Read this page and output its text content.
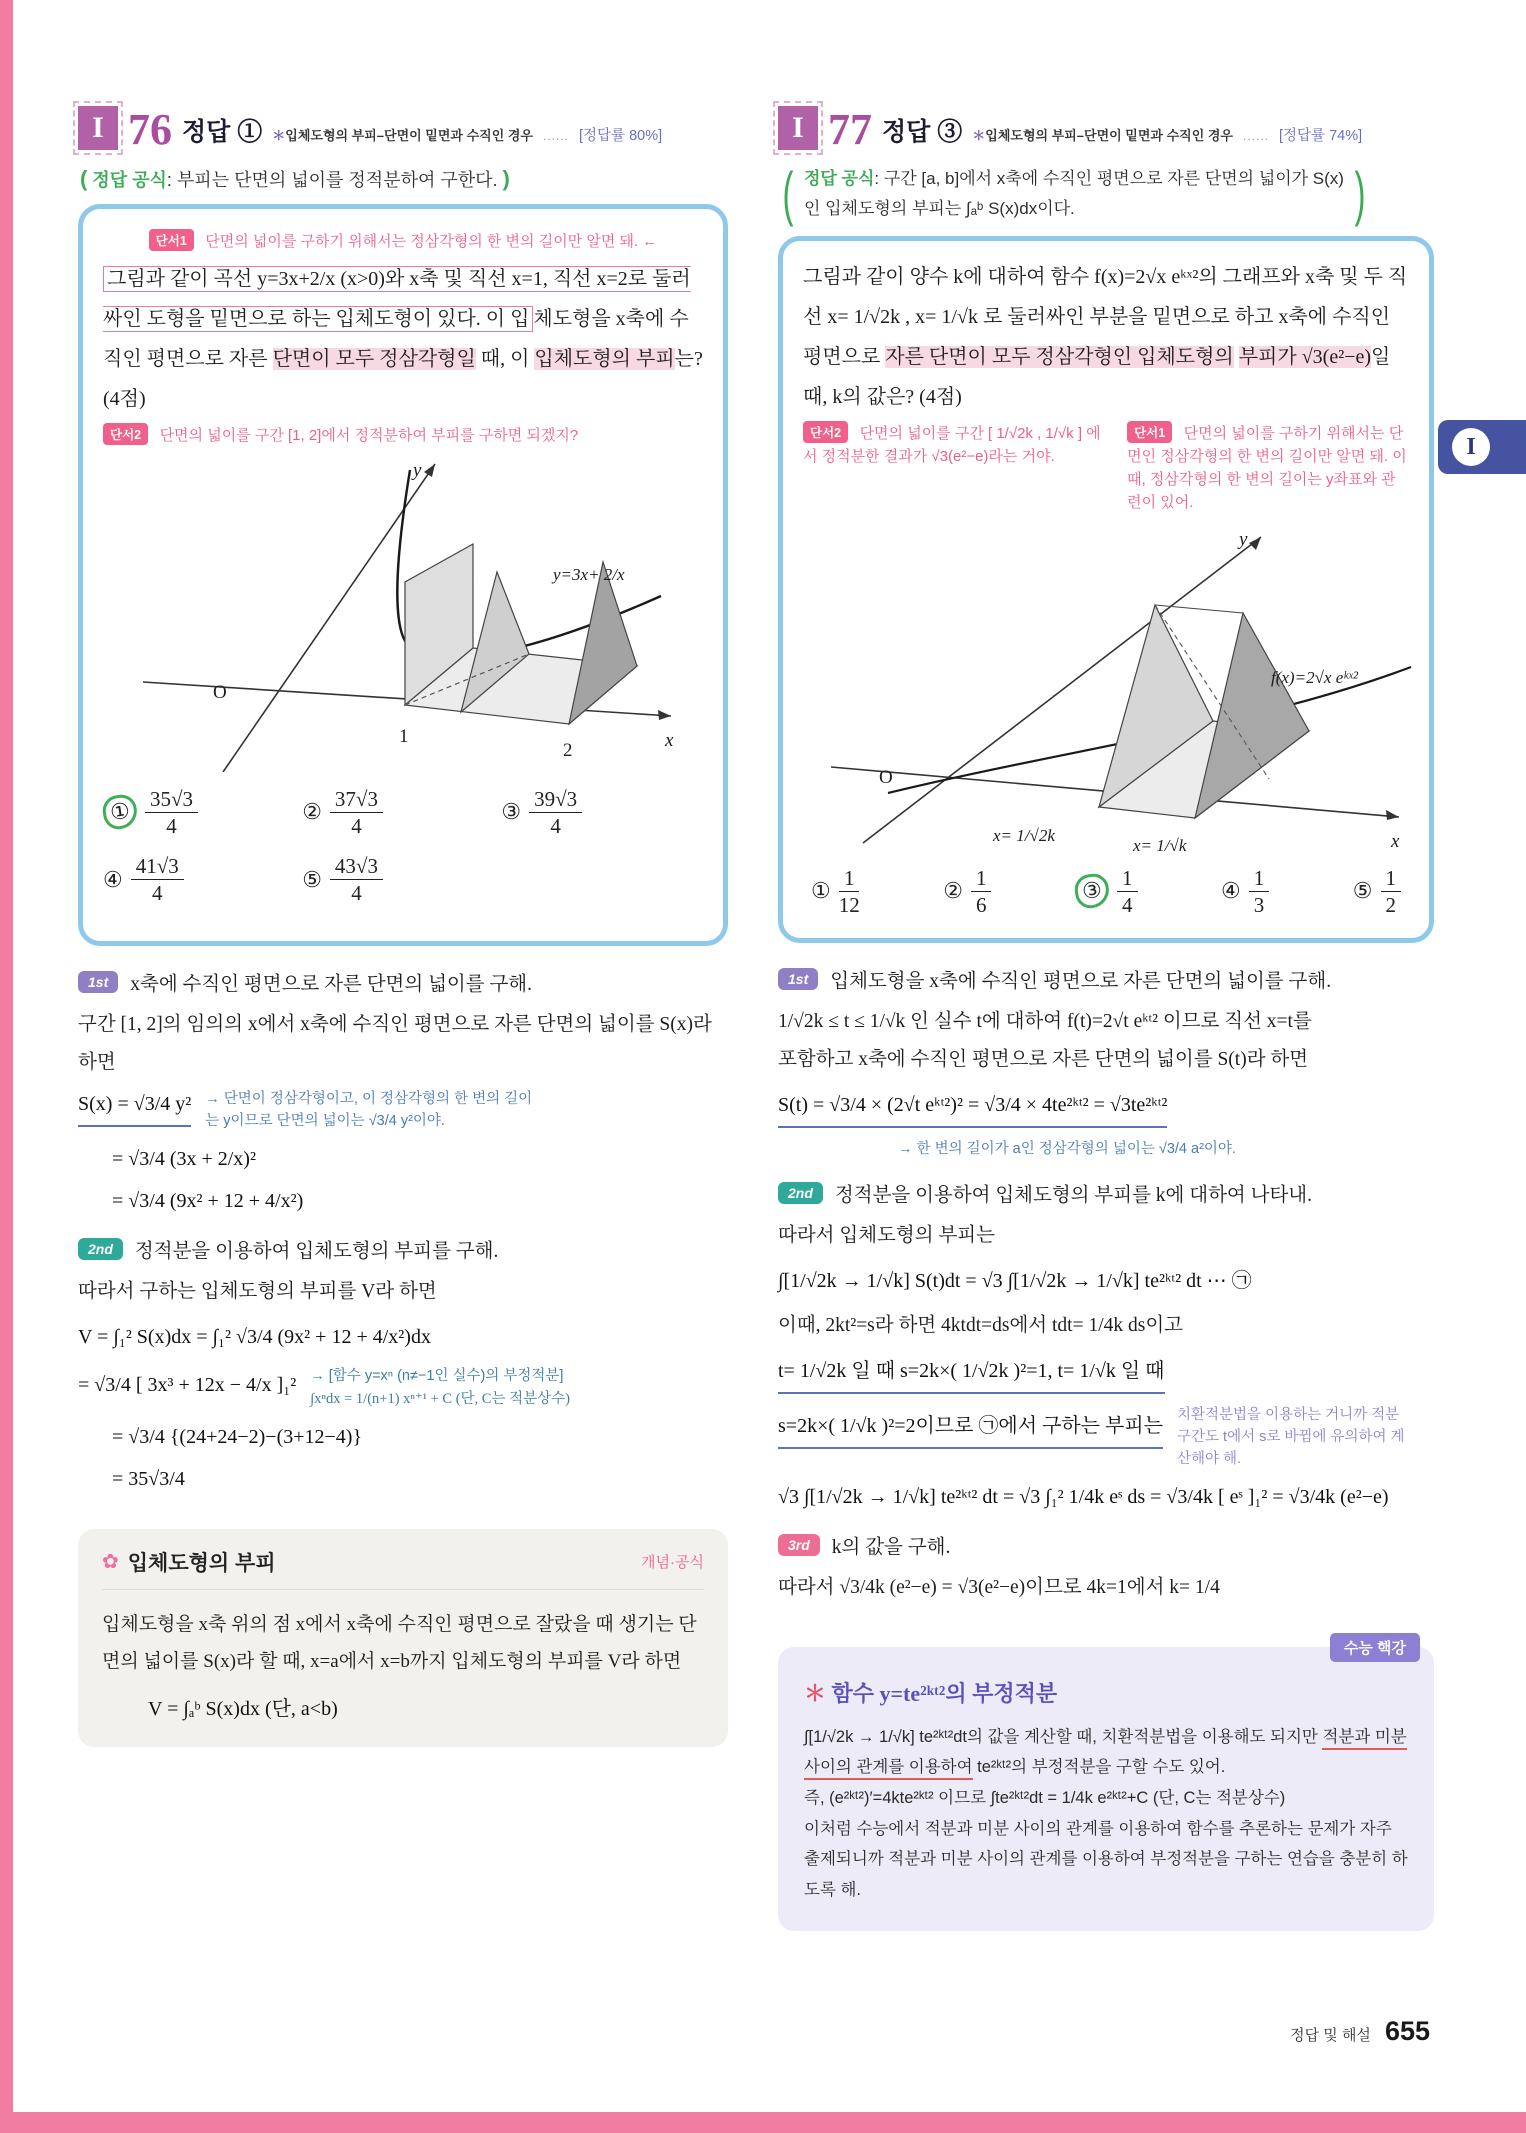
I 76 정답 ① ＊입체도형의 부피–단면이 밑면과 수직인 경우 ...... [정답률 80%]
( 정답 공식: 부피는 단면의 넓이를 정적분하여 구한다. )
단서1 단면의 넓이를 구하기 위해서는 정삼각형의 한 변의 길이만 알면 돼. ←
그림과 같이 곡선 y=3x+2/x (x>0)와 x축 및 직선 x=1, 직선 x=2로 둘러싸인 도형을 밑면으로 하는 입체도형이 있다. 이 입 체도형을 x축에 수직인 평면으로 자른 단면이 모두 정삼각형일 때, 이 입체도형의 부피는? (4점)
단서2 단면의 넓이를 구간 [1, 2]에서 정적분하여 부피를 구하면 되겠지?
O
1
2	x
y
y=3x+ 2/x
① $\frac{35√3}{4}$	② $\frac{37√3}{4}$	③ $\frac{39√3}{4}$
④ $\frac{41√3}{4}$	⑤ $\frac{43√3}{4}$
1st	x축에 수직인 평면으로 자른 단면의 넓이를 구해.
구간 [1, 2]의 임의의 x에서 x축에 수직인 평면으로 자른 단면의 넓이를 S(x)라 하면
S(x) = √3/4 y² → 단면이 정삼각형이고, 이 정삼각형의 한 변의 길이는 y이므로 단면의 넓이는 √3/4 y²이야.
= √3/4 (3x + 2/x)²
= √3/4 (9x² + 12 + 4/x²)
2nd	정적분을 이용하여 입체도형의 부피를 구해.
따라서 구하는 입체도형의 부피를 V라 하면
V = ∫₁² S(x)dx = ∫₁² √3/4 (9x² + 12 + 4/x²)dx
= √3/4 [ 3x³ + 12x − 4/x ]₁² → [함수 y=xⁿ (n≠−1인 실수)의 부정적분]
∫xⁿdx = 1/(n+1) xⁿ⁺¹ + C (단, C는 적분상수)
= √3/4 {(24+24−2)−(3+12−4)}
= 35√3/4
✿ 입체도형의 부피	개념·공식
입체도형을 x축 위의 점 x에서 x축에 수직인 평면으로 잘랐을 때 생기는 단면의 넓이를 S(x)라 할 때, x=a에서 x=b까지 입체도형의 부피를 V라 하면
V = ∫ₐᵇ S(x)dx (단, a<b)
I 77 정답 ③ ＊입체도형의 부피–단면이 밑면과 수직인 경우 ...... [정답률 74%]
( 정답 공식: 구간 [a, b]에서 x축에 수직인 평면으로 자른 단면의 넓이가 S(x)
인 입체도형의 부피는 ∫ₐᵇ S(x)dx이다.	)
그림과 같이 양수 k에 대하여 함수 f(x)=2√x eᵏˣ²의 그래프와 x축 및 두 직선 x= 1/√2k , x= 1/√k 로 둘러싸인 부분을 밑면으로 하고 x축에 수직인 평면으로 자른 단면이 모두 정삼각형인 입체도형의 부피가 √3(e²−e)일 때, k의 값은? (4점)
단서2 단면의 넓이를 구간 [ 1/√2k , 1/√k ] 에서 정적분한 결과가 √3(e²−e)라는 거야.
단서1 단면의 넓이를 구하기 위해서는 단면인 정삼각형의 한 변의 길이만 알면 돼. 이때, 정삼각형의 한 변의 길이는 y좌표와 관련이 있어.
O
x= 1/√2k
x= 1/√k	x
y
f(x)=2√x eᵏˣ²
① $\frac{1}{12}$	② $\frac{1}{6}$	③ $\frac{1}{4}$	④ $\frac{1}{3}$	⑤ $\frac{1}{2}$
1st	입체도형을 x축에 수직인 평면으로 자른 단면의 넓이를 구해.
1/√2k ≤ t ≤ 1/√k 인 실수 t에 대하여 f(t)=2√t eᵏᵗ² 이므로 직선 x=t를
포함하고 x축에 수직인 평면으로 자른 단면의 넓이를 S(t)라 하면
S(t) = √3/4 × (2√t eᵏᵗ²)² = √3/4 × 4te²ᵏᵗ² = √3te²ᵏᵗ²
→ 한 변의 길이가 a인 정삼각형의 넓이는 √3/4 a²이야.
2nd	정적분을 이용하여 입체도형의 부피를 k에 대하여 나타내.
따라서 입체도형의 부피는
∫[1/√2k → 1/√k] S(t)dt = √3 ∫[1/√2k → 1/√k] te²ᵏᵗ² dt ⋯ ㉠
이때, 2kt²=s라 하면 4ktdt=ds에서 tdt= 1/4k ds이고
t= 1/√2k 일 때 s=2k×( 1/√2k )²=1, t= 1/√k 일 때
s=2k×( 1/√k )²=2이므로 ㉠에서 구하는 부피는 치환적분법을 이용하는 거니까 적분구간도 t에서 s로 바뀜에 유의하여 계산해야 해.
√3 ∫[1/√2k → 1/√k] te²ᵏᵗ² dt = √3 ∫₁² 1/4k eˢ ds = √3/4k [ eˢ ]₁² = √3/4k (e²−e)
3rd	k의 값을 구해.
따라서 √3/4k (e²−e) = √3(e²−e)이므로 4k=1에서 k= 1/4
수능 핵강
＊ 함수 y=te²ᵏᵗ²의 부정적분
∫[1/√2k → 1/√k] te²ᵏᵗ²dt의 값을 계산할 때, 치환적분법을 이용해도 되지만 적분과 미분 사이의 관계를 이용하여 te²ᵏᵗ²의 부정적분을 구할 수도 있어.
즉, (e²ᵏᵗ²)′=4kte²ᵏᵗ² 이므로 ∫te²ᵏᵗ²dt = 1/4k e²ᵏᵗ²+C (단, C는 적분상수)
이처럼 수능에서 적분과 미분 사이의 관계를 이용하여 함수를 추론하는 문제가 자주 출제되니까 적분과 미분 사이의 관계를 이용하여 부정적분을 구하는 연습을 충분히 하도록 해.
I
정답 및 해설 655
